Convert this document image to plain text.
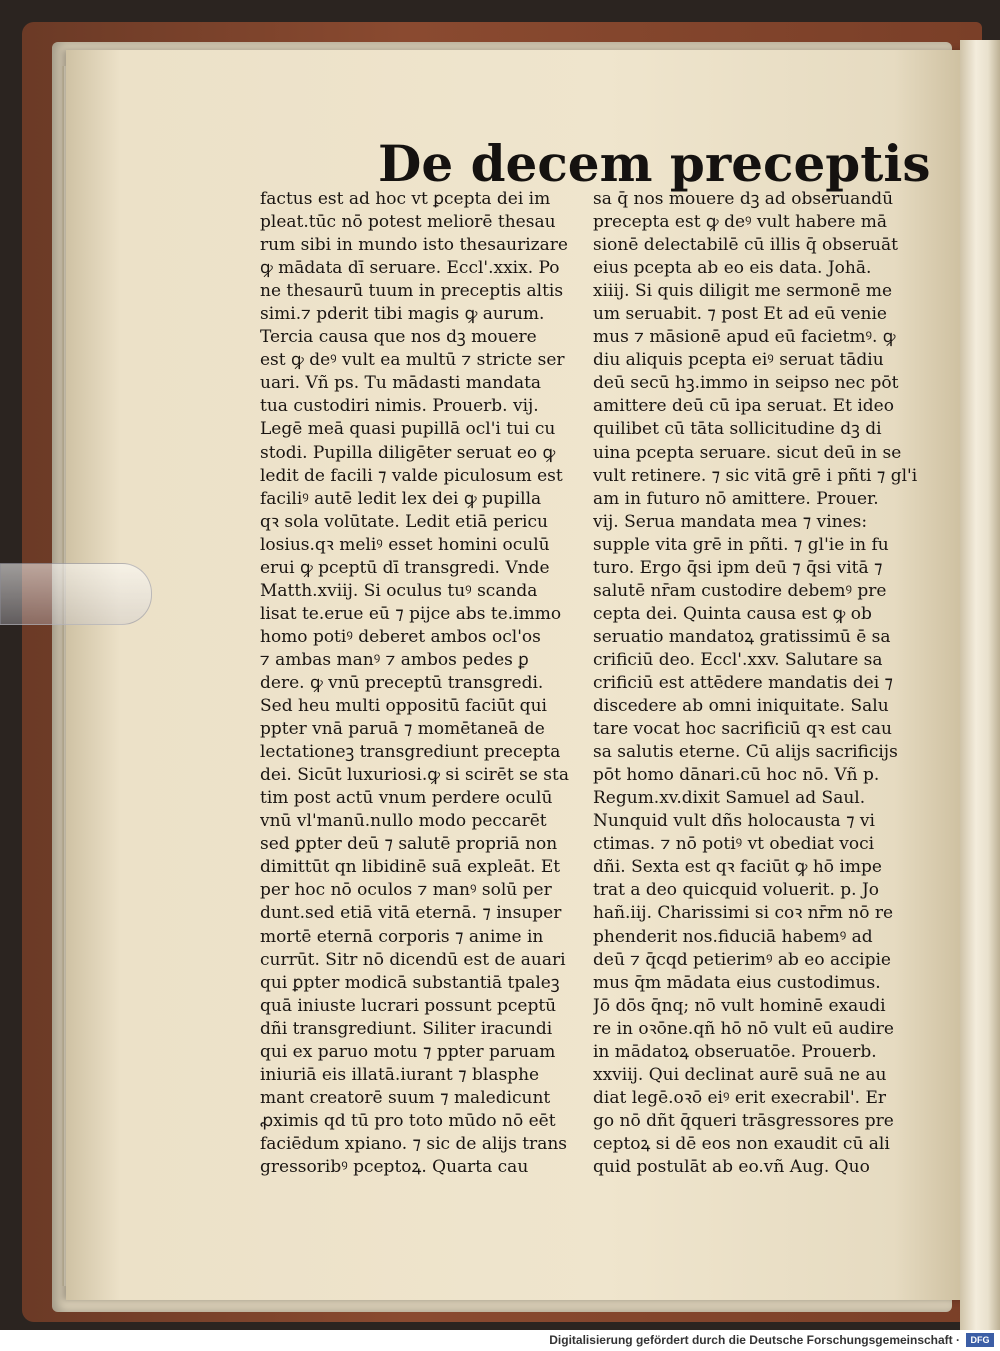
De decem preceptis
factus est ad hoc vt ꝑcepta dei im
pleat.tūc nō potest meliorē thesau
rum sibi in mundo isto thesaurizare
ꝙ mādata dī seruare. Eccl'.xxix. Po
ne thesaurū tuum in preceptis altis
simi.⁊ pderit tibi magis ꝙ aurum.
Tercia causa que nos dꝫ mouere
est ꝙ deꝰ vult ea multū ⁊ stricte ser
uari. Vñ ps. Tu mādasti mandata
tua custodiri nimis. Prouerb. vij.
Legē meā quasi pupillā ocl'i tui cu
stodi. Pupilla diligēter seruat eo ꝙ
ledit de facili ⁊ valde piculosum est
faciliꝰ autē ledit lex dei ꝙ pupilla
qꝛ sola volūtate. Ledit etiā pericu
losius.qꝛ meliꝰ esset homini oculū
erui ꝙ pceptū dī transgredi. Vnde
Matth.xviij. Si oculus tuꝰ scanda
lisat te.erue eū ⁊ pijce abs te.immo
homo potiꝰ deberet ambos ocl'os
⁊ ambas manꝰ ⁊ ambos pedes ꝑ
dere. ꝙ vnū preceptū transgredi.
Sed heu multi oppositū faciūt qui
ppter vnā paruā ⁊ momētaneā de
lectationeꝫ transgrediunt precepta
dei. Sicūt luxuriosi.ꝙ si scirēt se sta
tim post actū vnum perdere oculū
vnū vl'manū.nullo modo peccarēt
sed ꝑpter deū ⁊ salutē propriā non
dimittūt qn libidinē suā expleāt. Et
per hoc nō oculos ⁊ manꝰ solū per
dunt.sed etiā vitā eternā. ⁊ insuper
mortē eternā corporis ⁊ anime in
currūt. Sitr nō dicendū est de auari
qui ꝑpter modicā substantiā tpaleꝫ
quā iniuste lucrari possunt pceptū
dñi transgrediunt. Siliter iracundi
qui ex paruo motu ⁊ ppter paruam
iniuriā eis illatā.iurant ⁊ blasphe
mant creatorē suum ⁊ maledicunt
ꝓximis qd tū pro toto mūdo nō eēt
faciēdum xpiano. ⁊ sic de alijs trans
gressoribꝰ pceptoꝝ. Quarta cau
sa q̄ nos mouere dꝫ ad obseruandū
precepta est ꝙ deꝰ vult habere mā
sionē delectabilē cū illis q̄ obseruāt
eius pcepta ab eo eis data. Johā.
xiiij. Si quis diligit me sermonē me
um seruabit. ⁊ post Et ad eū venie
mus ⁊ māsionē apud eū facietmꝰ. ꝙ
diu aliquis pcepta eiꝰ seruat tādiu
deū secū hꝫ.immo in seipso nec pōt
amittere deū cū ipa seruat. Et ideo
quilibet cū tāta sollicitudine dꝫ di
uina pcepta seruare. sicut deū in se
vult retinere. ⁊ sic vitā grē i pñti ⁊ gl'i
am in futuro nō amittere. Prouer.
vij. Serua mandata mea ⁊ vines:
supple vita grē in pñti. ⁊ gl'ie in fu
turo. Ergo q̄si ipm deū ⁊ q̄si vitā ⁊
salutē nr̄am custodire debemꝰ pre
cepta dei. Quinta causa est ꝙ ob
seruatio mandatoꝝ gratissimū ē sa
crificiū deo. Eccl'.xxv. Salutare sa
crificiū est attēdere mandatis dei ⁊
discedere ab omni iniquitate. Salu
tare vocat hoc sacrificiū qꝛ est cau
sa salutis eterne. Cū alijs sacrificijs
pōt homo dānari.cū hoc nō. Vñ p.
Regum.xv.dixit Samuel ad Saul.
Nunquid vult dñs holocausta ⁊ vi
ctimas. ⁊ nō potiꝰ vt obediat voci
dñi. Sexta est qꝛ faciūt ꝙ hō impe
trat a deo quicquid voluerit. p. Jo
hañ.iij. Charissimi si coꝛ nr̄m nō re
phenderit nos.fiduciā habemꝰ ad
deū ⁊ q̄cqd petierimꝰ ab eo accipie
mus q̄m mādata eius custodimus.
Jō dōs q̄nq; nō vult hominē exaudi
re in oꝛōne.qñ hō nō vult eū audire
in mādatoꝝ obseruatōe. Prouerb.
xxviij. Qui declinat aurē suā ne au
diat legē.oꝛō eiꝰ erit execrabil'. Er
go nō dñt q̄queri trāsgressores pre
ceptoꝝ si dē eos non exaudit cū ali
quid postulāt ab eo.vñ Aug. Quo
Digitalisierung gefördert durch die Deutsche Forschungsgemeinschaft ·	DFG
